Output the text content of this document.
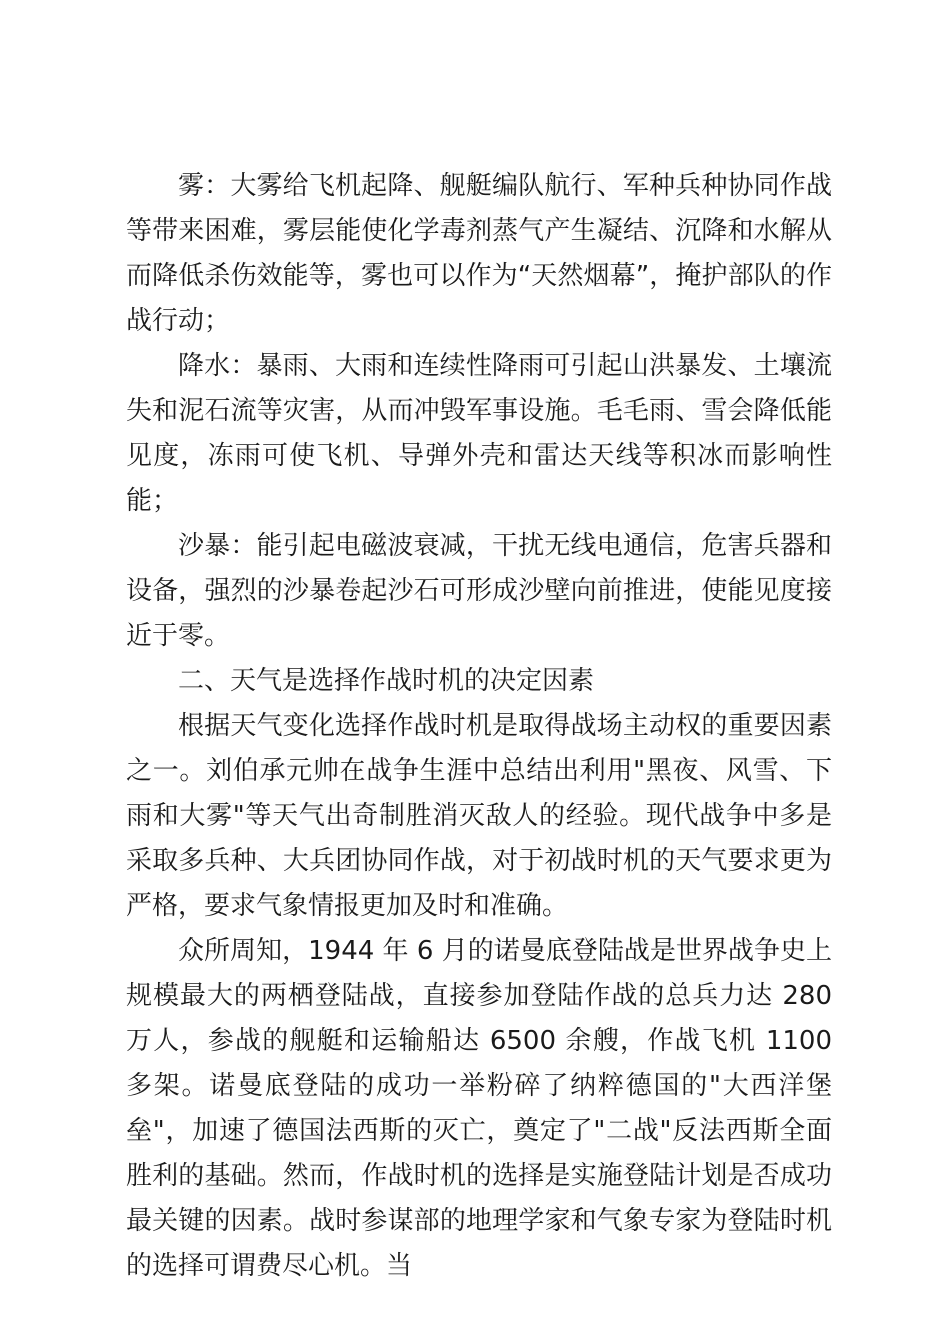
雾：大雾给飞机起降、舰艇编队航行、军种兵种协同作战等带来困难，雾层能使化学毒剂蒸气产生凝结、沉降和水解从而降低杀伤效能等，雾也可以作为“天然烟幕”，掩护部队的作战行动；

降水：暴雨、大雨和连续性降雨可引起山洪暴发、土壤流失和泥石流等灾害，从而冲毁军事设施。毛毛雨、雪会降低能见度，冻雨可使飞机、导弹外壳和雷达天线等积冰而影响性能；

沙暴：能引起电磁波衰减，干扰无线电通信，危害兵器和设备，强烈的沙暴卷起沙石可形成沙壁向前推进，使能见度接近于零。

二、天气是选择作战时机的决定因素

根据天气变化选择作战时机是取得战场主动权的重要因素之一。刘伯承元帅在战争生涯中总结出利用"黑夜、风雪、下雨和大雾"等天气出奇制胜消灭敌人的经验。现代战争中多是采取多兵种、大兵团协同作战，对于初战时机的天气要求更为严格，要求气象情报更加及时和准确。

众所周知，1944 年 6 月的诺曼底登陆战是世界战争史上规模最大的两栖登陆战，直接参加登陆作战的总兵力达 280 万人，参战的舰艇和运输船达 6500 余艘，作战飞机 1100 多架。诺曼底登陆的成功一举粉碎了纳粹德国的"大西洋堡垒"，加速了德国法西斯的灭亡，奠定了"二战"反法西斯全面胜利的基础。然而，作战时机的选择是实施登陆计划是否成功最关键的因素。战时参谋部的地理学家和气象专家为登陆时机的选择可谓费尽心机。当
